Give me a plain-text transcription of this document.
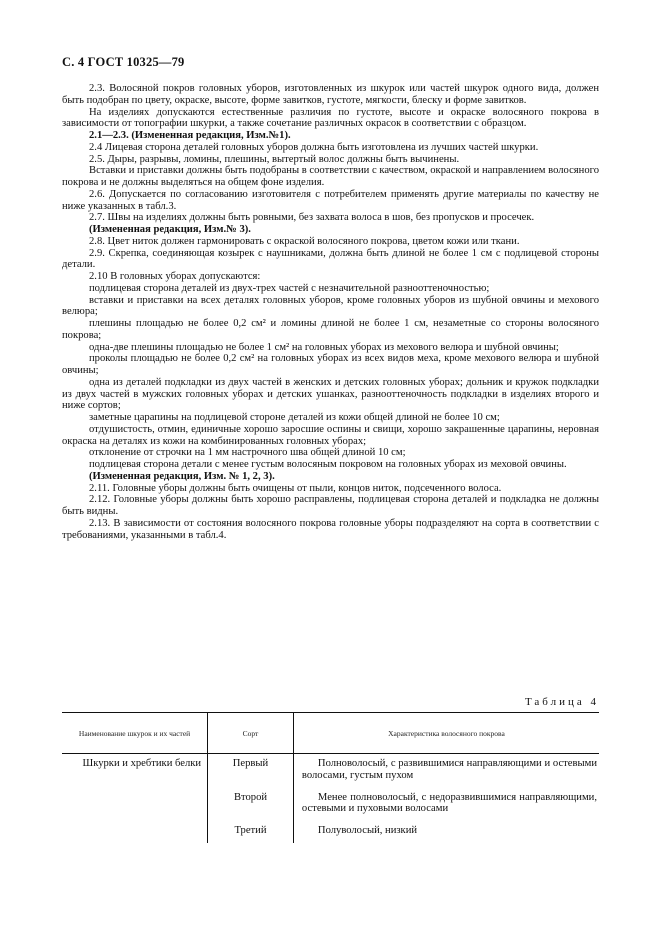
С. 4 ГОСТ 10325—79

2.3. Волосяной покров головных уборов, изготовленных из шкурок или частей шкурок одного вида, должен быть подобран по цвету, окраске, высоте, форме завитков, густоте, мягкости, блеску и форме завитков.

На изделиях допускаются естественные различия по густоте, высоте и окраске волосяного покрова в зависимости от топографии шкурки, а также сочетание различных окрасок в соответствии с образцом.

2.1—2.3. (Измененная редакция, Изм.№1).

2.4 Лицевая сторона деталей головных уборов должна быть изготовлена из лучших частей шкурки.

2.5. Дыры, разрывы, ломины, плешины, вытертый волос должны быть вычинены.

Вставки и приставки должны быть подобраны в соответствии с качеством, окраской и направлением волосяного покрова и не должны выделяться на общем фоне изделия.

2.6. Допускается по согласованию изготовителя с потребителем применять другие материалы по качеству не ниже указанных в табл.3.

2.7. Швы на изделиях должны быть ровными, без захвата волоса в шов, без пропусков и просечек.

(Измененная редакция, Изм.№ 3).

2.8. Цвет ниток должен гармонировать с окраской волосяного покрова, цветом кожи или ткани.

2.9. Скрепка, соединяющая козырек с наушниками, должна быть длиной не более 1 см с подлицевой стороны детали.

2.10 В головных уборах допускаются:

подлицевая сторона деталей из двух-трех частей с незначительной разнооттеночностью;

вставки и приставки на всех деталях головных уборов, кроме головных уборов из шубной овчины и мехового велюра;

плешины площадью не более 0,2 см² и ломины длиной не более 1 см, незаметные со стороны волосяного покрова;

одна-две плешины площадью не более 1 см² на головных уборах из мехового велюра и шубной овчины;

проколы площадью не более 0,2 см² на головных уборах из всех видов меха, кроме мехового велюра и шубной овчины;

одна из деталей подкладки из двух частей в женских и детских головных уборах; дольник и кружок подкладки из двух частей в мужских головных уборах и детских ушанках, разнооттеночность подкладки в изделиях второго и ниже сортов;

заметные царапины на подлицевой стороне деталей из кожи общей длиной не более 10 см;

отдушистость, отмин, единичные хорошо заросшие оспины и свищи, хорошо закрашенные царапины, неровная окраска на деталях из кожи на комбинированных головных уборах;

отклонение от строчки на 1 мм настрочного шва общей длиной 10 см;

подлицевая сторона детали с менее густым волосяным покровом на головных уборах из меховой овчины.

(Измененная редакция, Изм. № 1, 2, 3).

2.11. Головные уборы должны быть очищены от пыли, концов ниток, подсеченного волоса.

2.12. Головные уборы должны быть хорошо расправлены, подлицевая сторона деталей и подкладка не должны быть видны.

2.13. В зависимости от состояния волосяного покрова головные уборы подразделяют на сорта в соответствии с требованиями, указанными в табл.4.

Таблица 4
Наименование шкурок и их частей	Сорт	Характеристика волосяного покрова
Шкурки и хребтики белки	Первый	Полноволосый, с развившимися направляющими и остевыми волосами, густым пухом
	Второй	Менее полноволосый, с недоразвившимися направляющими, остевыми и пуховыми волосами
	Третий	Полуволосый, низкий
